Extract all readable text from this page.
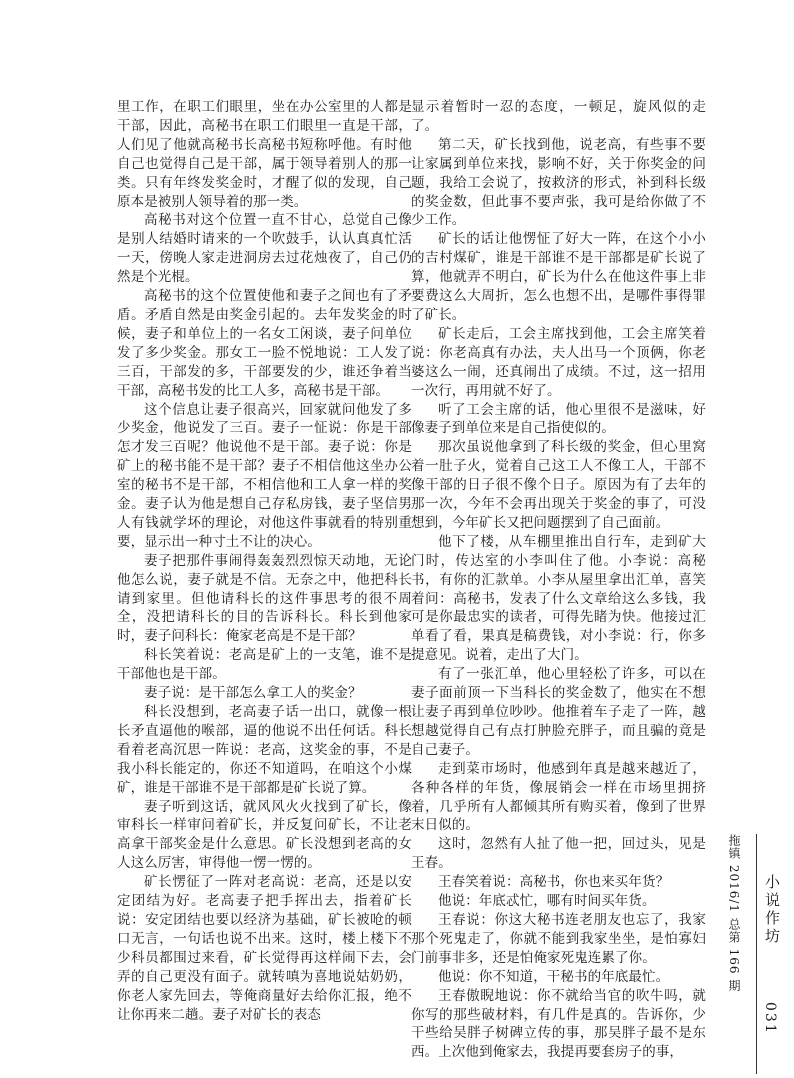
里工作，在职工们眼里，坐在办公室里的人都是干部，因此，高秘书在职工们眼里一直是干部，人们见了他就高秘书长高秘书短称呼他。有时他自己也觉得自己是干部，属于领导着别人的那一类。只有年终发奖金时，才醒了似的发现，自己原本是被别人领导着的那一类。

高秘书对这个位置一直不甘心，总觉自己像是别人结婚时请来的一个吹鼓手，认认真真忙活一天，傍晚人家走进洞房去过花烛夜了，自己仍然是个光棍。

高秘书的这个位置使他和妻子之间也有了矛盾。矛盾自然是由奖金引起的。去年发奖金的时候，妻子和单位上的一名女工闲谈，妻子问单位发了多少奖金。那女工一脸不悦地说：工人发了三百，干部发的多，干部要发的少，谁还争着当干部，高秘书发的比工人多，高秘书是干部。

这个信息让妻子很高兴，回家就问他发了多少奖金，他说发了三百。妻子一怔说：你是干部怎才发三百呢？他说他不是干部。妻子说：你是矿上的秘书能不是干部？妻子不相信他这坐办公室的秘书不是干部，不相信他和工人拿一样的奖金。妻子认为他是想自己存私房钱，妻子坚信男人有钱就学坏的理论，对他这件事就看的特别重要，显示出一种寸土不让的决心。

妻子把那件事闹得轰轰烈烈惊天动地，无论他怎么说，妻子就是不信。无奈之中，他把科长请到家里。但他请科长的这件事思考的很不周全，没把请科长的目的告诉科长。科长到他家时，妻子问科长：俺家老高是不是干部？

科长笑着说：老高是矿上的一支笔，谁不是干部他也是干部。

妻子说：是干部怎么拿工人的奖金？

科长没想到，老高妻子话一出口，就像一根长矛直逼他的喉部，逼的他说不出任何话。科长看着老高沉思一阵说：老高，这奖金的事，不是我小科长能定的，你还不知道吗，在咱这个小煤矿，谁是干部谁不是干部都是矿长说了算。

妻子听到这话，就风风火火找到了矿长，像审科长一样审问着矿长，并反复问矿长，不让老高拿干部奖金是什么意思。矿长没想到老高的女人这么厉害，审得他一愣一愣的。

矿长愣征了一阵对老高说：老高，还是以安定团结为好。老高妻子把手挥出去，指着矿长说：安定团结也要以经济为基础，矿长被呛的顿口无言，一句话也说不出来。这时，楼上楼下不少科员都围过来看，矿长觉得再这样闹下去，会弄的自己更没有面子。就转嗔为喜地说姑奶奶，你老人家先回去，等俺商量好去给你汇报，绝不让你再来二趟。妻子对矿长的表态

显示着暂时一忍的态度，一顿足，旋风似的走了。

第二天，矿长找到他，说老高，有些事不要让家属到单位来找，影响不好，关于你奖金的问题，我给工会说了，按救济的形式，补到科长级的奖金数，但此事不要声张，我可是给你做了不少工作。

矿长的话让他愣怔了好大一阵，在这个小小的吉村煤矿，谁是干部谁不是干部都是矿长说了算，他就弄不明白，矿长为什么在他这件事上非要费这么大周折，怎么也想不出，是哪件事得罪了矿长。

矿长走后，工会主席找到他，工会主席笑着说：你老高真有办法，夫人出马一个顶俩，你老婆这么一闹，还真闹出了成绩。不过，这一招用一次行，再用就不好了。

听了工会主席的话，他心里很不是滋味，好像妻子到单位来是自己指使似的。

那次虽说他拿到了科长级的奖金，但心里窝着一肚子火，觉着自己这工人不像工人，干部不像干部的日子很不像个日子。原因为有了去年的那一次，今年不会再出现关于奖金的事了，可没想到，今年矿长又把问题摆到了自己面前。

他下了楼，从车棚里推出自行车，走到矿大门时，传达室的小李叫住了他。小李说：高秘书，有你的汇款单。小李从屋里拿出汇单，喜笑着问：高秘书，发表了什么文章给这么多钱，我可是你最忠实的读者，可得先睹为快。他接过汇单看了看，果真是稿费钱，对小李说：行，你多提意见。说着，走出了大门。

有了一张汇单，他心里轻松了许多，可以在妻子面前顶一下当科长的奖金数了，他实在不想让妻子再到单位吵吵。他推着车子走了一阵，越想越觉得自己有点打肿脸充胖子，而且骗的竟是自己妻子。

走到菜市场时，他感到年真是越来越近了，各种各样的年货，像展销会一样在市场里拥挤着，几乎所有人都倾其所有购买着，像到了世界末日似的。

这时，忽然有人扯了他一把，回过头，见是王春。

王春笑着说：高秘书，你也来买年货？

他说：年底忒忙，哪有时间买年货。

王春说：你这大秘书连老朋友也忘了，我家那个死鬼走了，你就不能到我家坐坐，是怕寡妇门前事非多，还是怕俺家死鬼连累了你。

他说：你不知道，干秘书的年底最忙。

王春傲睨地说：你不就给当官的吹牛吗，就你写的那些破材料，有几件是真的。告诉你，少干些给吴胖子树碑立传的事，那吴胖子最不是东西。上次他到俺家去，我提再要套房子的事，

拖镇 2016/1 总第 166 期 小说作坊
031
